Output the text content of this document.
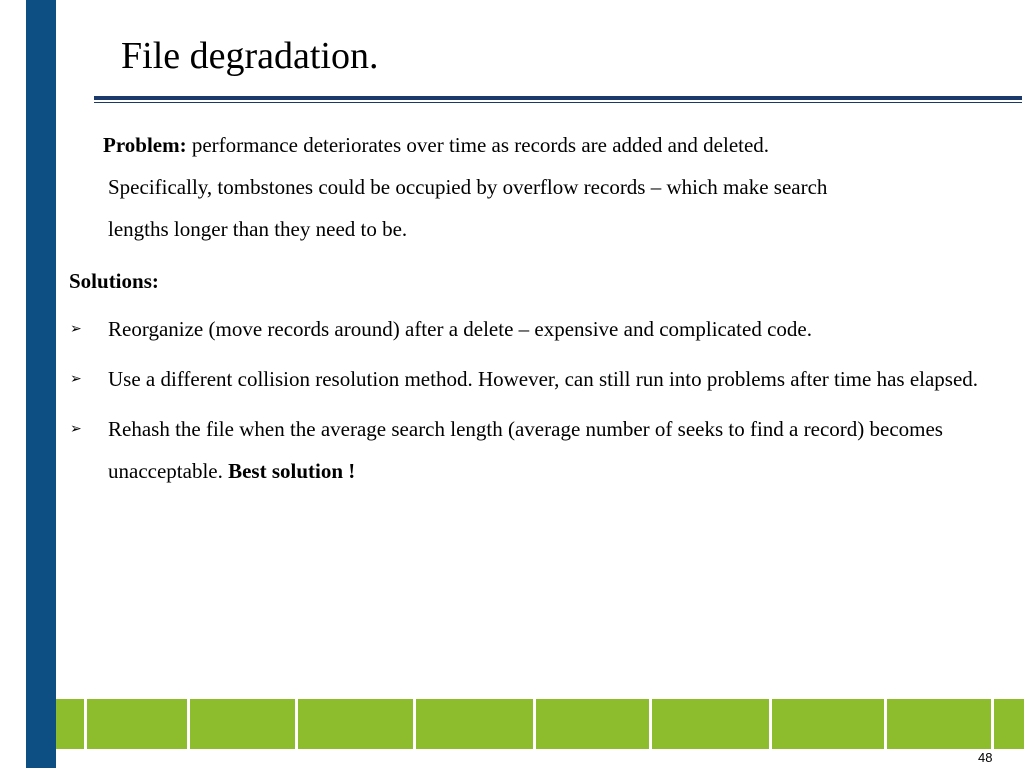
File degradation.
Problem: performance deteriorates over time as records are added and deleted.
Specifically, tombstones could be occupied by overflow records – which make search
lengths longer than they need to be.
Solutions:
➢ Reorganize (move records around) after a delete – expensive and complicated code.
➢ Use a different collision resolution method. However, can still run into problems after time has elapsed.
➢ Rehash the file when the average search length (average number of seeks to find a record) becomes unacceptable. Best solution !
48
